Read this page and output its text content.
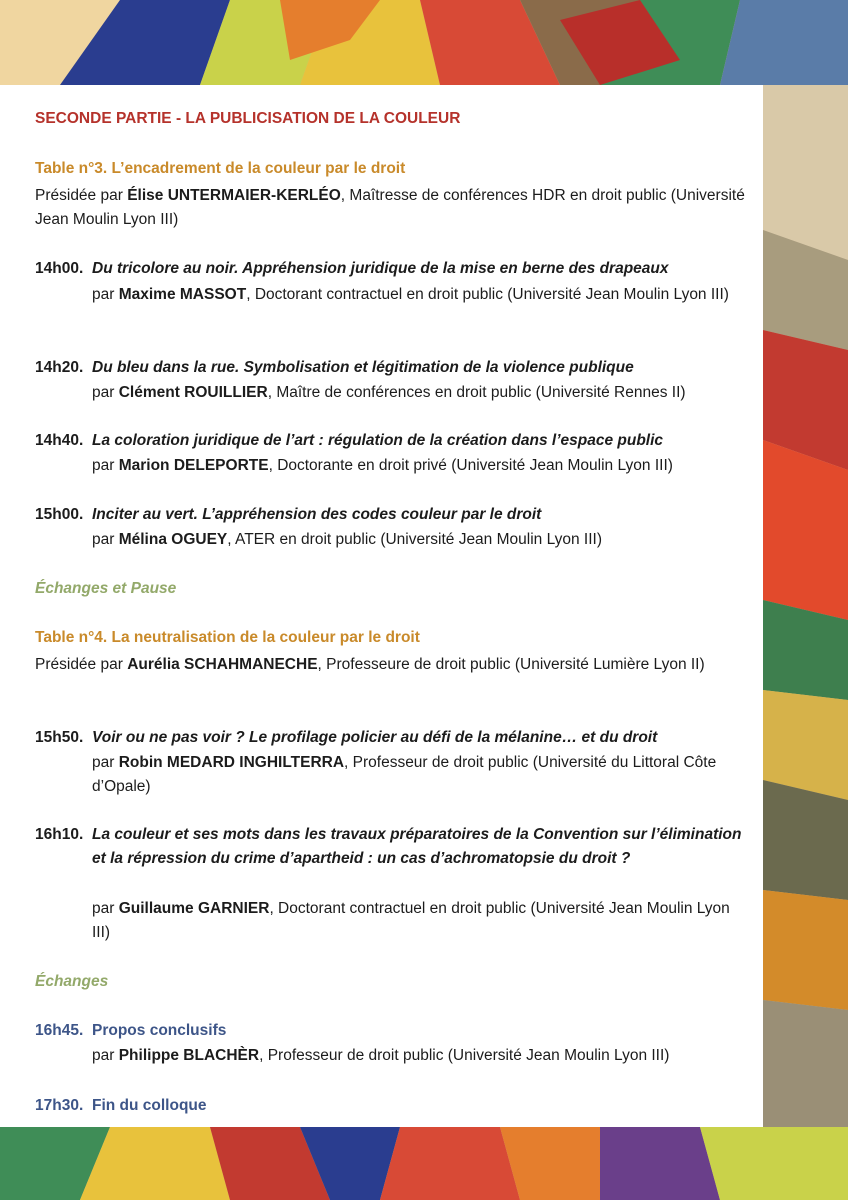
SECONDE PARTIE - LA PUBLICISATION DE LA COULEUR

Table n°3. L’encadrement de la couleur par le droit

Présidée par Élise UNTERMAIER-KERLÉO, Maîtresse de conférences HDR en droit public (Université Jean Moulin Lyon III)

14h00. Du tricolore au noir. Appréhension juridique de la mise en berne des drapeaux

par Maxime MASSOT, Doctorant contractuel en droit public (Université Jean Moulin Lyon III)

14h20. Du bleu dans la rue. Symbolisation et légitimation de la violence publique

par Clément ROUILLIER, Maître de conférences en droit public (Université Rennes II)

14h40. La coloration juridique de l’art : régulation de la création dans l’espace public

par Marion DELEPORTE, Doctorante en droit privé (Université Jean Moulin Lyon III)

15h00. Inciter au vert. L’appréhension des codes couleur par le droit

par Mélina OGUEY, ATER en droit public (Université Jean Moulin Lyon III)

Échanges et Pause

Table n°4. La neutralisation de la couleur par le droit

Présidée par Aurélia SCHAHMANECHE, Professeure de droit public (Université Lumière Lyon II)

15h50. Voir ou ne pas voir ? Le profilage policier au défi de la mélanine… et du droit

par Robin MEDARD INGHILTERRA, Professeur de droit public (Université du Littoral Côte d’Opale)

16h10. La couleur et ses mots dans les travaux préparatoires de la Convention sur l’élimination et la répression du crime d’apartheid : un cas d’achromatopsie du droit ?

par Guillaume GARNIER, Doctorant contractuel en droit public (Université Jean Moulin Lyon III)

Échanges

16h45. Propos conclusifs

par Philippe BLACHÈR, Professeur de droit public (Université Jean Moulin Lyon III)

17h30. Fin du colloque
